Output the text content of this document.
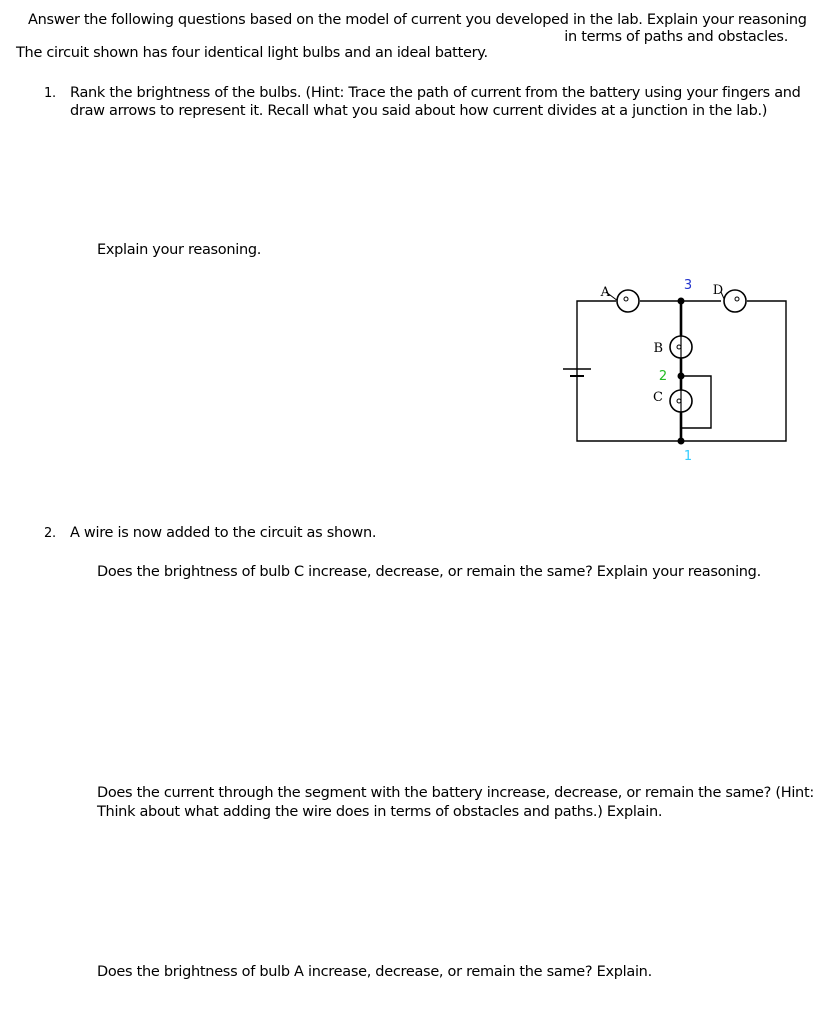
Answer the following questions based on the model of current you developed in the lab. Explain your reasoning
in terms of paths and obstacles.
The circuit shown has four identical light bulbs and an ideal battery.
1. Rank the brightness of the bulbs. (Hint: Trace the path of current from the battery using your fingers and
draw arrows to represent it. Recall what you said about how current divides at a junction in the lab.)
Explain your reasoning.
A	D
B
C
3
2
1
2. A wire is now added to the circuit as shown.
Does the brightness of bulb C increase, decrease, or remain the same? Explain your reasoning.
Does the current through the segment with the battery increase, decrease, or remain the same? (Hint:
Think about what adding the wire does in terms of obstacles and paths.) Explain.
Does the brightness of bulb A increase, decrease, or remain the same? Explain.
